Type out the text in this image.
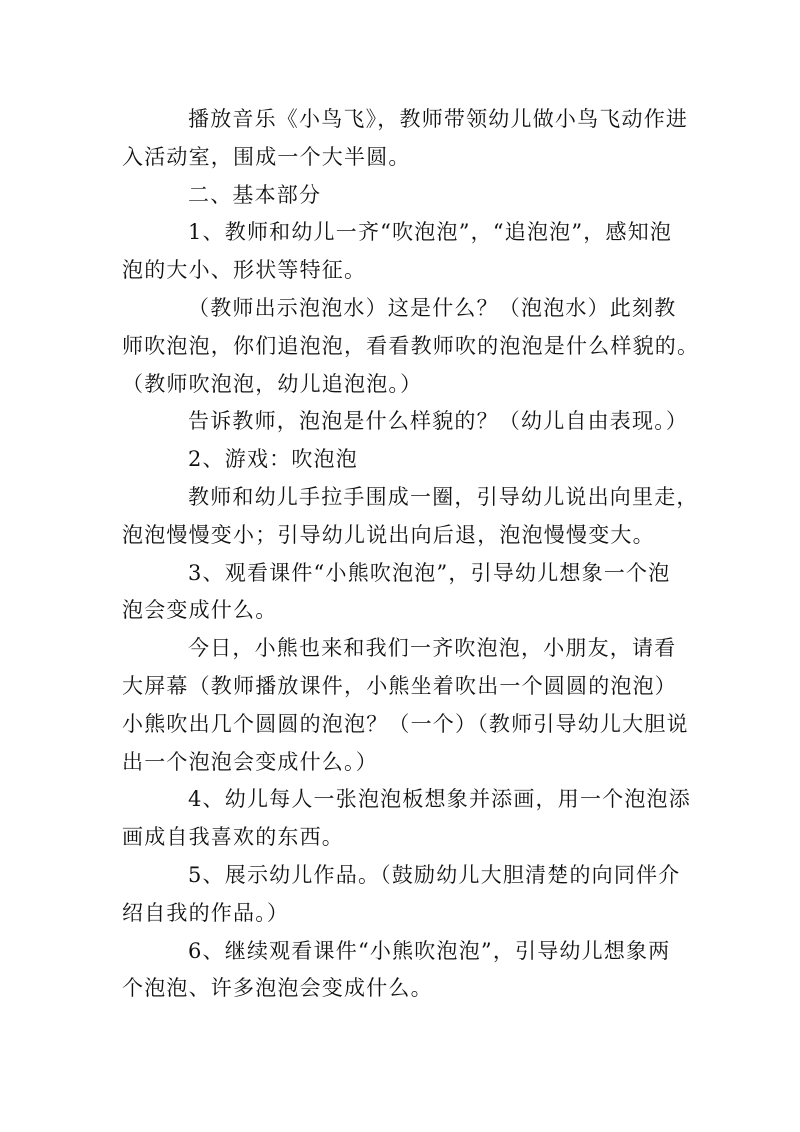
播放音乐《小鸟飞》，教师带领幼儿做小鸟飞动作进
入活动室，围成一个大半圆。
二、基本部分
1、教师和幼儿一齐“吹泡泡”，“追泡泡”，感知泡
泡的大小、形状等特征。
（教师出示泡泡水）这是什么？（泡泡水）此刻教
师吹泡泡，你们追泡泡，看看教师吹的泡泡是什么样貌的。
（教师吹泡泡，幼儿追泡泡。）
告诉教师，泡泡是什么样貌的？（幼儿自由表现。）
2、游戏：吹泡泡
教师和幼儿手拉手围成一圈，引导幼儿说出向里走，
泡泡慢慢变小；引导幼儿说出向后退，泡泡慢慢变大。
3、观看课件“小熊吹泡泡”，引导幼儿想象一个泡
泡会变成什么。
今日，小熊也来和我们一齐吹泡泡，小朋友，请看
大屏幕（教师播放课件，小熊坐着吹出一个圆圆的泡泡）
小熊吹出几个圆圆的泡泡？（一个）（教师引导幼儿大胆说
出一个泡泡会变成什么。）
4、幼儿每人一张泡泡板想象并添画，用一个泡泡添
画成自我喜欢的东西。
5、展示幼儿作品。（鼓励幼儿大胆清楚的向同伴介
绍自我的作品。）
6、继续观看课件“小熊吹泡泡”，引导幼儿想象两
个泡泡、许多泡泡会变成什么。
